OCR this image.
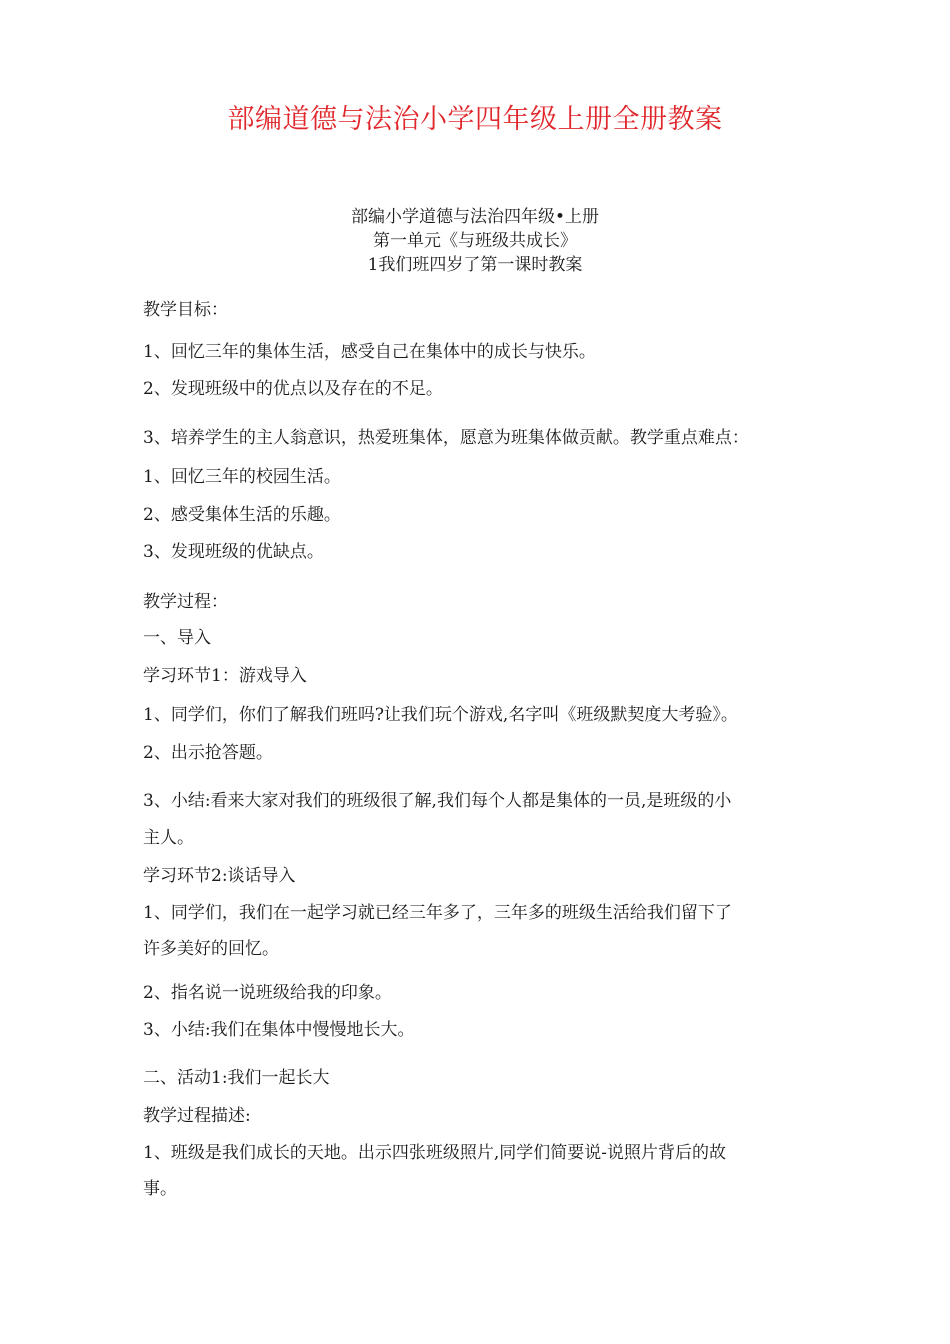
部编道德与法治小学四年级上册全册教案
部编小学道德与法治四年级•上册
第一单元《与班级共成长》
1我们班四岁了第一课时教案
教学目标：
1、回忆三年的集体生活，感受自己在集体中的成长与快乐。
2、发现班级中的优点以及存在的不足。
3、培养学生的主人翁意识，热爱班集体，愿意为班集体做贡献。教学重点难点：
1、回忆三年的校园生活。
2、感受集体生活的乐趣。
3、发现班级的优缺点。
教学过程：
一、导入
学习环节1：游戏导入
1、同学们，你们了解我们班吗?让我们玩个游戏,名字叫《班级默契度大考验》。
2、出示抢答题。
3、小结:看来大家对我们的班级很了解,我们每个人都是集体的一员,是班级的小
主人。
学习环节2:谈话导入
1、同学们，我们在一起学习就已经三年多了，三年多的班级生活给我们留下了
许多美好的回忆。
2、指名说一说班级给我的印象。
3、小结:我们在集体中慢慢地长大。
二、活动1:我们一起长大
教学过程描述:
1、班级是我们成长的天地。出示四张班级照片,同学们简要说-说照片背后的故
事。
